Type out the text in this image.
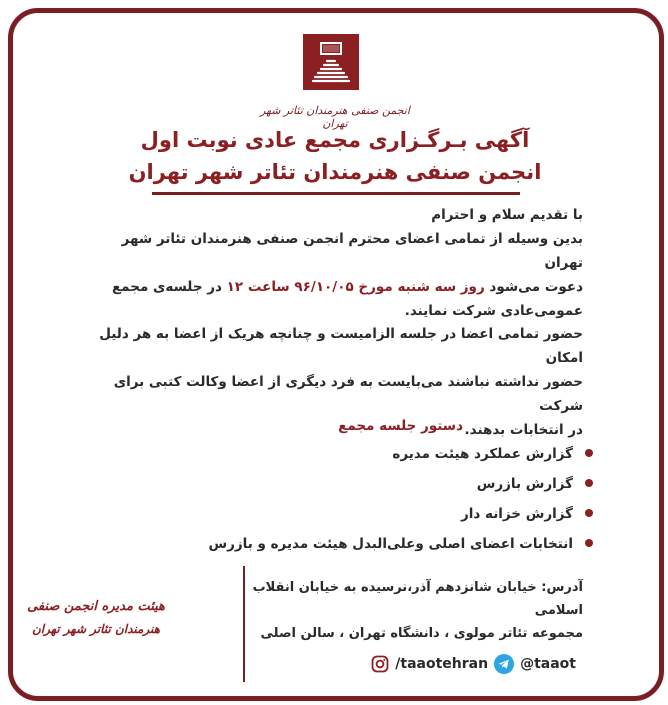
انجمن صنفی هنرمندان تئاتر شهر تهران
آگهی بـرگـزاری مجمع عادی نوبت اول
انجمن صنفی هنرمندان تئاتر شهر تهران
با تقدیم سلام و احترام
بدین وسیله از تمامی اعضای محترم انجمن صنفی هنرمندان تئاتر شهر تهران
دعوت می‌شود روز سه شنبه مورخ ۹۶/۱۰/۰۵ ساعت ۱۲ در جلسه‌ی مجمع
عمومی‌عادی شرکت نمایند.
حضور تمامی اعضا در جلسه الزامیست و چنانچه هریک از اعضا به هر دلیل امکان
حضور نداشته نباشند می‌بایست به فرد دیگری از اعضا وکالت کتبی برای شرکت
در انتخابات بدهند.
دستور جلسه مجمع
گزارش عملکرد هیئت مدیره
گزارش بازرس
گزارش خزانه دار
انتخابات اعضای اصلی وعلی‌البدل هیئت مدیره و بازرس
آدرس: خیابان شانزدهم آذر،نرسیده به خیابان انقلاب اسلامی
مجموعه تئاتر مولوی ، دانشگاه تهران ، سالن اصلی
هیئت مدیره انجمن صنفی
هنرمندان تئاتر شهر تهران
/taaotehran @taaot
